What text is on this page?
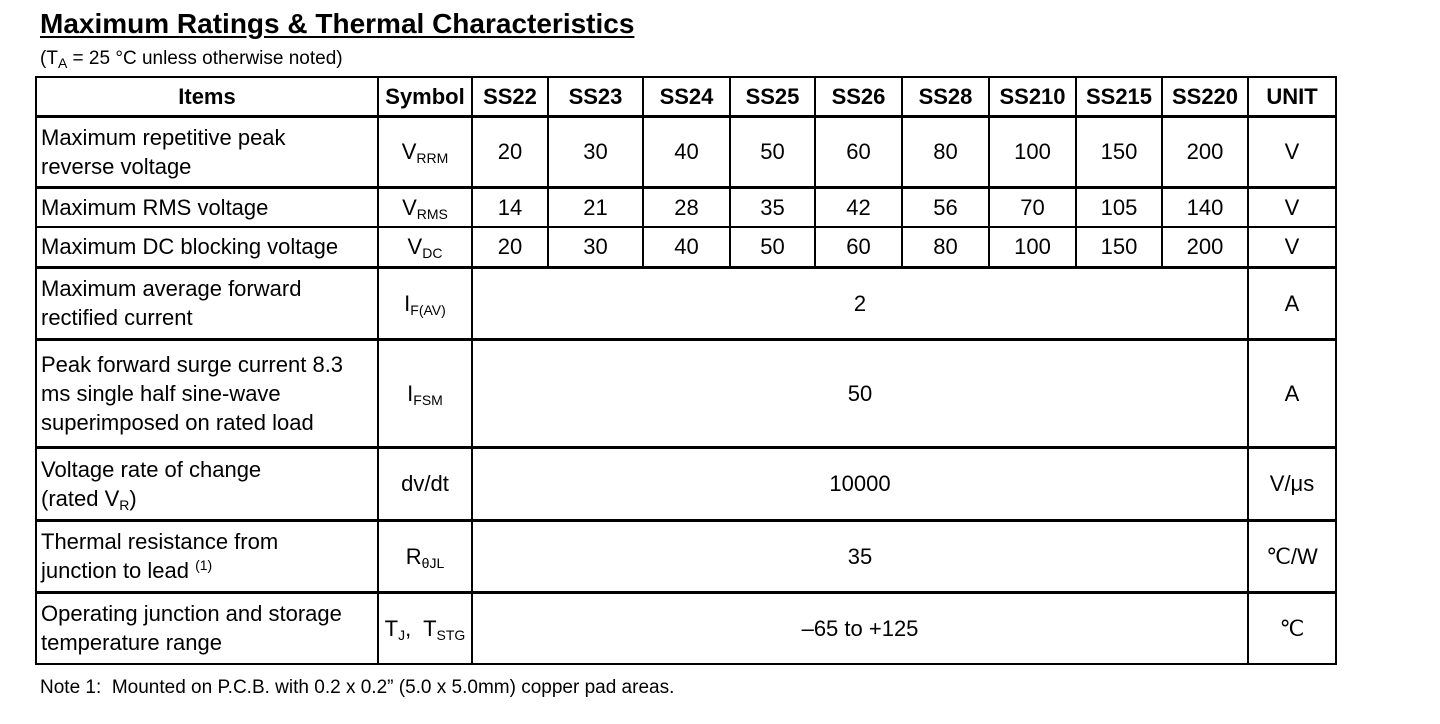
Maximum Ratings & Thermal Characteristics
($T_A = 25$ °C unless otherwise noted)
Items	Symbol	SS22	SS23	SS24	SS25	SS26	SS28	SS210	SS215	SS220	UNIT
Maximum repetitive peak
reverse voltage	$V_{RRM}$	20	30	40	50	60	80	100	150	200	V
Maximum RMS voltage	$V_{RMS}$	14	21	28	35	42	56	70	105	140	V
Maximum DC blocking voltage	$V_{DC}$	20	30	40	50	60	80	100	150	200	V
Maximum average forward
rectified current	$I_{F(AV)}$	2									A
Peak forward surge current 8.3
ms single half sine-wave
superimposed on rated load	$I_{FSM}$	50									A
Voltage rate of change
(rated $V_R$)	dv/dt	10000									V/μs
Thermal resistance from
junction to lead $^{(1)}$	$R_{\theta JL}$	35									℃/W
Operating junction and storage
temperature range	$T_J$,  $T_{STG}$	–65 to +125									℃
Note 1:  Mounted on P.C.B. with 0.2 x 0.2” (5.0 x 5.0mm) copper pad areas.
